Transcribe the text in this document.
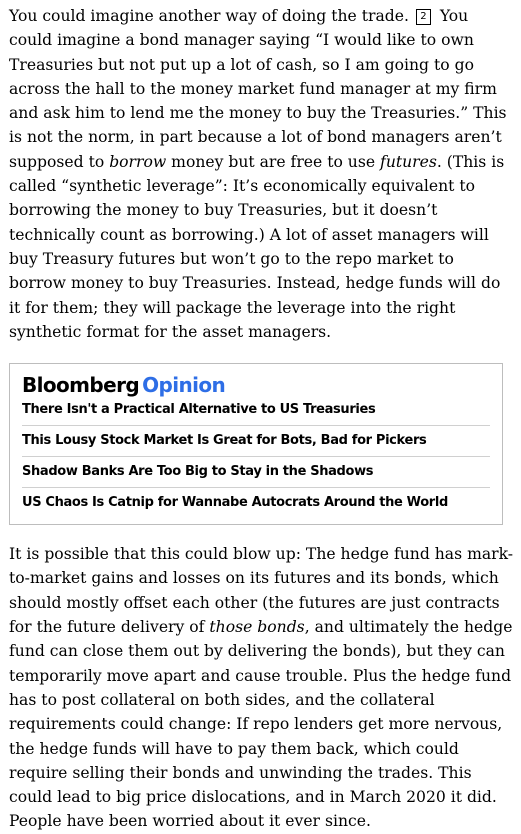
You could imagine another way of doing the trade. 2 You could imagine a bond manager saying “I would like to own Treasuries but not put up a lot of cash, so I am going to go across the hall to the money market fund manager at my firm and ask him to lend me the money to buy the Treasuries.” This is not the norm, in part because a lot of bond managers aren’t supposed to borrow money but are free to use futures. (This is called “synthetic leverage”: It’s economically equivalent to borrowing the money to buy Treasuries, but it doesn’t technically count as borrowing.) A lot of asset managers will buy Treasury futures but won’t go to the repo market to borrow money to buy Treasuries. Instead, hedge funds will do it for them; they will package the leverage into the right synthetic format for the asset managers.

Bloomberg Opinion
There Isn't a Practical Alternative to US Treasuries
This Lousy Stock Market Is Great for Bots, Bad for Pickers
Shadow Banks Are Too Big to Stay in the Shadows
US Chaos Is Catnip for Wannabe Autocrats Around the World

It is possible that this could blow up: The hedge fund has mark-to-market gains and losses on its futures and its bonds, which should mostly offset each other (the futures are just contracts for the future delivery of those bonds, and ultimately the hedge fund can close them out by delivering the bonds), but they can temporarily move apart and cause trouble. Plus the hedge fund has to post collateral on both sides, and the collateral requirements could change: If repo lenders get more nervous, the hedge funds will have to pay them back, which could require selling their bonds and unwinding the trades. This could lead to big price dislocations, and in March 2020 it did. People have been worried about it ever since.
